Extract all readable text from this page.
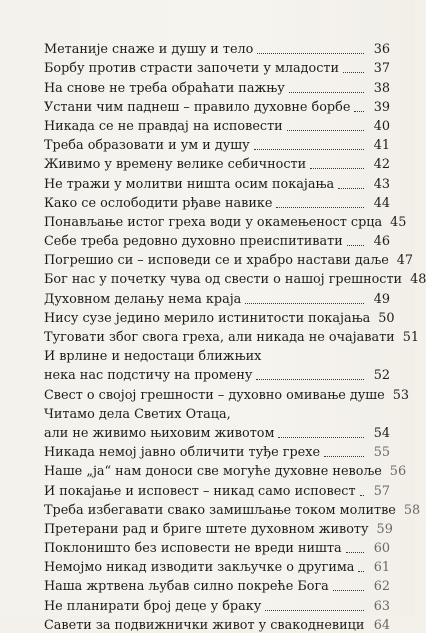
Метаније снаже и душу и тело	36
Борбу против страсти започети у младости	37
На снове не треба обраћати пажњу	38
Устани чим паднеш – правило духовне борбе	39
Никада се не правдај на исповести	40
Треба образовати и ум и душу	41
Живимо у времену велике себичности	42
Не тражи у молитви ништа осим покајања	43
Како се ослободити рђаве навике	44
Понављање истог греха води у окамењеност срца 45
Себе треба редовно духовно преиспитивати	46
Погрешио си – исповеди се и храбро настави даље 47
Бог нас у почетку чува од свести о нашој грешности 48
Духовном делању нема краја	49
Нису сузе једино мерило истинитости покајања 50
Туговати због свога греха, али никада не очајавати 51
И врлине и недостаци ближњих
нека нас подстичу на промену	52
Свест о својој грешности – духовно омивање душе 53
Читамо дела Светих Отаца,
али не живимо њиховим животом	54
Никада немој јавно обличити туђе грехе	55
Наше „ја“ нам доноси све могуће духовне невоље 56
И покајање и исповест – никад само исповест	57
Треба избегавати свако замишљање током молитве 58
Претерани рад и бриге штете духовном животу 59
Поклоништо без исповести не вреди ништа	60
Немојмо никад изводити закључке о другима	61
Наша жртвена љубав силно покреће Бога	62
Не планирати број деце у браку	63
Савети за подвижнички живот у свакодневици 64
